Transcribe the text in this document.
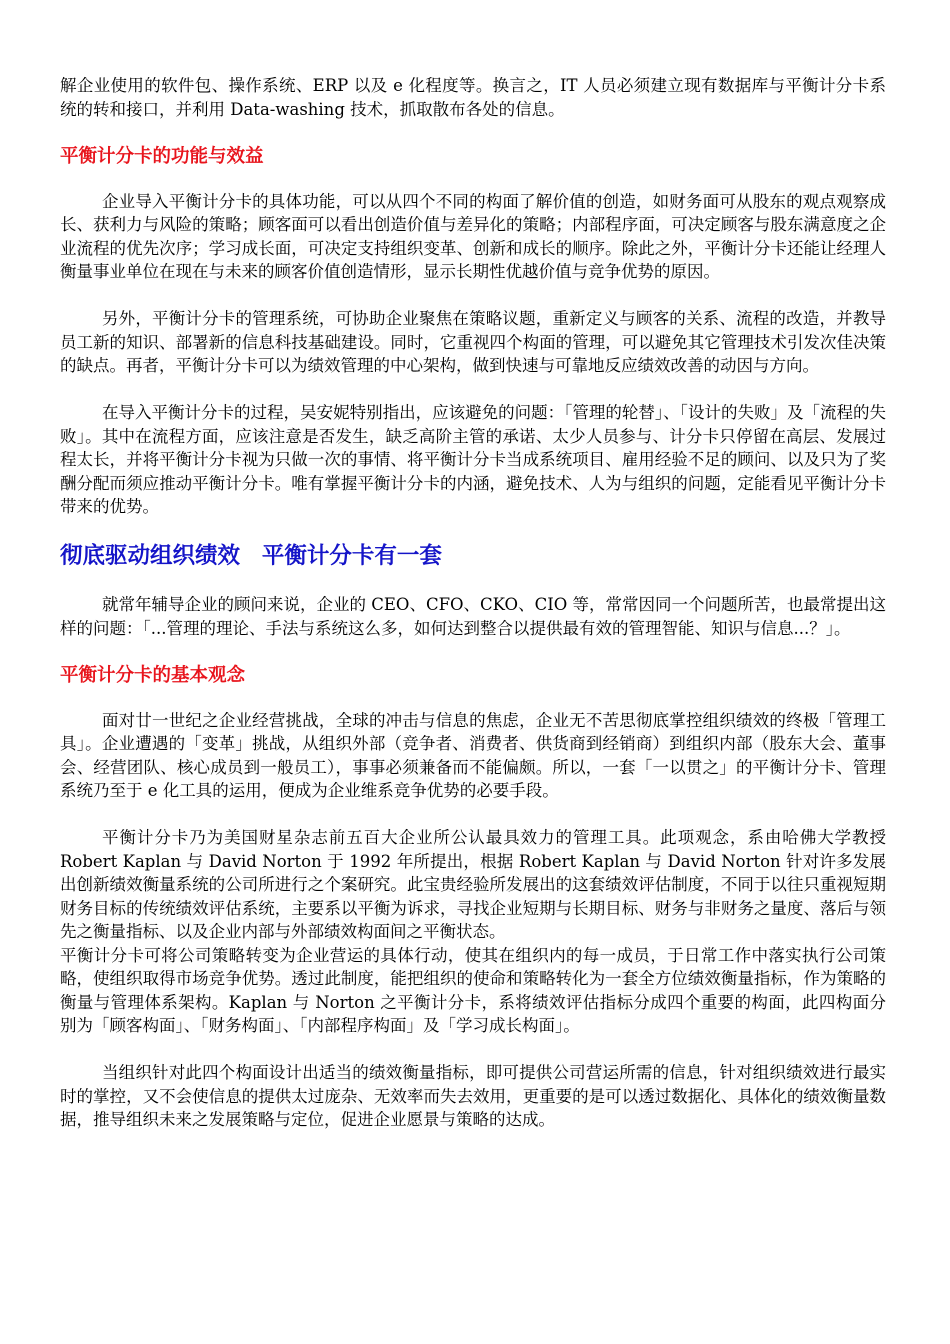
解企业使用的软件包、操作系统、ERP 以及 e 化程度等。换言之，IT 人员必须建立现有数据库与平衡计分卡系统的转和接口，并利用 Data-washing 技术，抓取散布各处的信息。

平衡计分卡的功能与效益

企业导入平衡计分卡的具体功能，可以从四个不同的构面了解价值的创造，如财务面可从股东的观点观察成长、获利力与风险的策略；顾客面可以看出创造价值与差异化的策略；内部程序面，可决定顾客与股东满意度之企业流程的优先次序；学习成长面，可决定支持组织变革、创新和成长的顺序。除此之外，平衡计分卡还能让经理人衡量事业单位在现在与未来的顾客价值创造情形，显示长期性优越价值与竞争优势的原因。

另外，平衡计分卡的管理系统，可协助企业聚焦在策略议题，重新定义与顾客的关系、流程的改造，并教导员工新的知识、部署新的信息科技基础建设。同时，它重视四个构面的管理，可以避免其它管理技术引发次佳决策的缺点。再者，平衡计分卡可以为绩效管理的中心架构，做到快速与可靠地反应绩效改善的动因与方向。

在导入平衡计分卡的过程，吴安妮特别指出，应该避免的问题：「管理的轮替」、「设计的失败」及「流程的失败」。其中在流程方面，应该注意是否发生，缺乏高阶主管的承诺、太少人员参与、计分卡只停留在高层、发展过程太长，并将平衡计分卡视为只做一次的事情、将平衡计分卡当成系统项目、雇用经验不足的顾问、以及只为了奖酬分配而须应推动平衡计分卡。唯有掌握平衡计分卡的内涵，避免技术、人为与组织的问题，定能看见平衡计分卡带来的优势。

彻底驱动组织绩效 平衡计分卡有一套

就常年辅导企业的顾问来说，企业的 CEO、CFO、CKO、CIO 等，常常因同一个问题所苦，也最常提出这样的问题：「...管理的理论、手法与系统这么多，如何达到整合以提供最有效的管理智能、知识与信息...？」。

平衡计分卡的基本观念

面对廿一世纪之企业经营挑战，全球的冲击与信息的焦虑，企业无不苦思彻底掌控组织绩效的终极「管理工具」。企业遭遇的「变革」挑战，从组织外部（竞争者、消费者、供货商到经销商）到组织内部（股东大会、董事会、经营团队、核心成员到一般员工），事事必须兼备而不能偏颇。所以，一套「一以贯之」的平衡计分卡、管理系统乃至于 e 化工具的运用，便成为企业维系竞争优势的必要手段。

平衡计分卡乃为美国财星杂志前五百大企业所公认最具效力的管理工具。此项观念，系由哈佛大学教授 Robert Kaplan 与 David Norton 于 1992 年所提出，根据 Robert Kaplan 与 David Norton 针对许多发展出创新绩效衡量系统的公司所进行之个案研究。此宝贵经验所发展出的这套绩效评估制度，不同于以往只重视短期财务目标的传统绩效评估系统，主要系以平衡为诉求，寻找企业短期与长期目标、财务与非财务之量度、落后与领先之衡量指标、以及企业内部与外部绩效构面间之平衡状态。

平衡计分卡可将公司策略转变为企业营运的具体行动，使其在组织内的每一成员，于日常工作中落实执行公司策略，使组织取得市场竞争优势。透过此制度，能把组织的使命和策略转化为一套全方位绩效衡量指标，作为策略的衡量与管理体系架构。Kaplan 与 Norton 之平衡计分卡，系将绩效评估指标分成四个重要的构面，此四构面分别为「顾客构面」、「财务构面」、「内部程序构面」及「学习成长构面」。

当组织针对此四个构面设计出适当的绩效衡量指标，即可提供公司营运所需的信息，针对组织绩效进行最实时的掌控，又不会使信息的提供太过庞杂、无效率而失去效用，更重要的是可以透过数据化、具体化的绩效衡量数据，推导组织未来之发展策略与定位，促进企业愿景与策略的达成。
